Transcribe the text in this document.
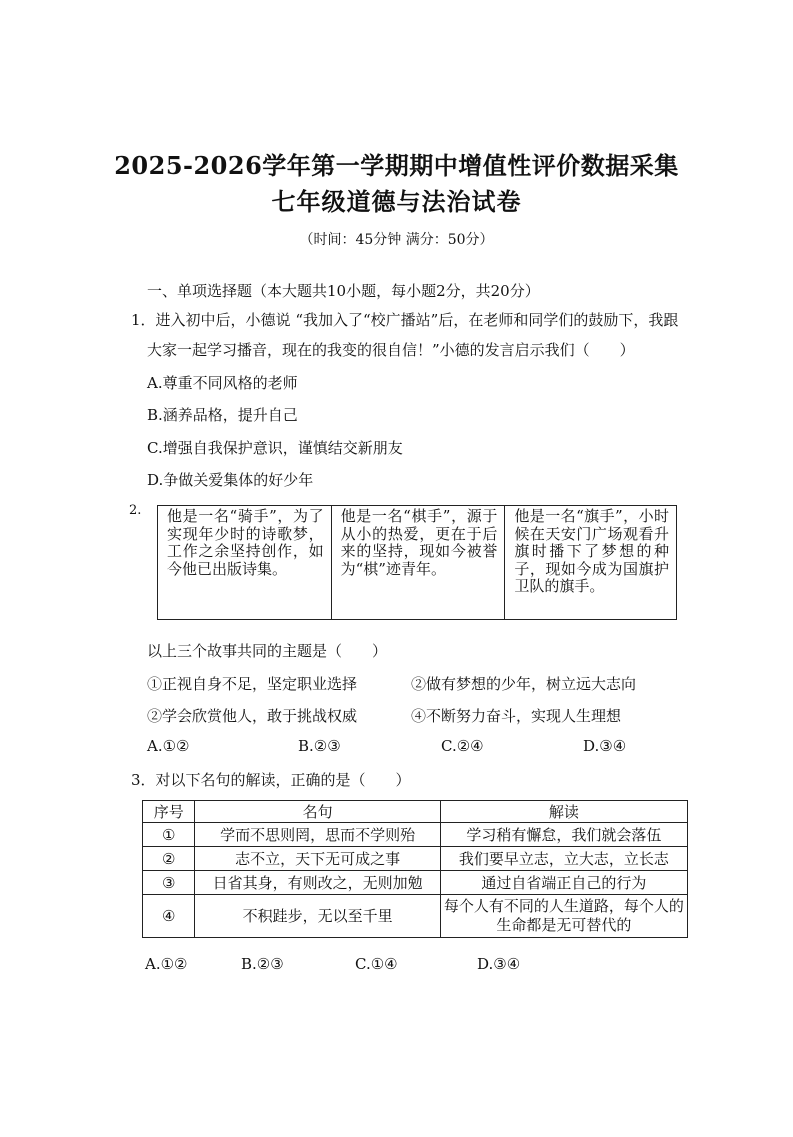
2025-2026学年第一学期期中增值性评价数据采集
七年级道德与法治试卷
（时间：45分钟 满分：50分）
一、单项选择题（本大题共10小题，每小题2分，共20分）
1．进入初中后，小德说 “我加入了“校广播站”后，在老师和同学们的鼓励下，我跟
大家一起学习播音，现在的我变的很自信！”小德的发言启示我们（　　）
A.尊重不同风格的老师
B.涵养品格，提升自己
C.增强自我保护意识，谨慎结交新朋友
D.争做关爱集体的好少年
2. 他是一名“骑手”，为了实现年少时的诗歌梦，工作之余坚持创作，如今他已出版诗集。	他是一名“棋手”，源于从小的热爱，更在于后来的坚持，现如今被誉为“棋”迹青年。	他是一名“旗手”，小时候在天安门广场观看升旗时播下了梦想的种子，现如今成为国旗护卫队的旗手。
以上三个故事共同的主题是（　　）
①正视自身不足，坚定职业选择	②做有梦想的少年，树立远大志向
②学会欣赏他人，敢于挑战权威	④不断努力奋斗，实现人生理想
A.①②	B.②③	C.②④	D.③④
3．对以下名句的解读，正确的是（　　）
序号	名句	解读
①	学而不思则罔，思而不学则殆	学习稍有懈怠，我们就会落伍
②	志不立，天下无可成之事	我们要早立志，立大志，立长志
③	日省其身，有则改之，无则加勉	通过自省端正自己的行为
④	不积跬步，无以至千里	每个人有不同的人生道路，每个人的生命都是无可替代的
A.①②	B.②③	C.①④	D.③④
